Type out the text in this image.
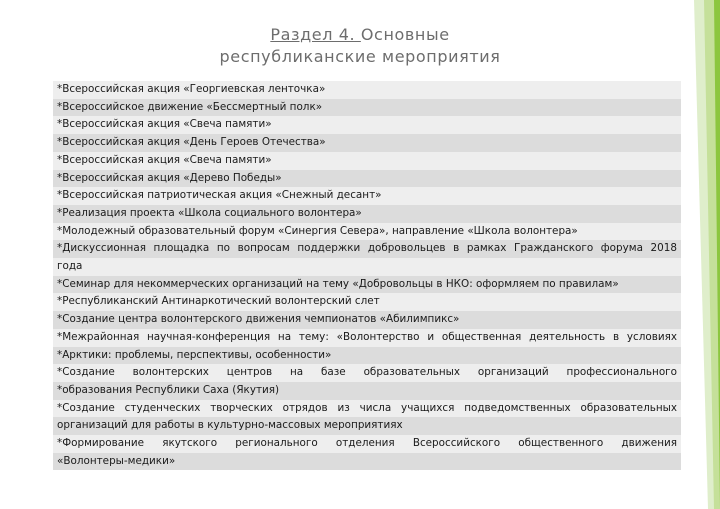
Раздел 4. Основные
республиканские мероприятия
*Всероссийская акция «Георгиевская ленточка»
*Всероссийское движение «Бессмертный полк»
*Всероссийская акция «Свеча памяти»
*Всероссийская акция «День Героев Отечества»
*Всероссийская акция «Свеча памяти»
*Всероссийская акция «Дерево Победы»
*Всероссийская патриотическая акция «Снежный десант»
*Реализация проекта «Школа социального волонтера»
*Молодежный образовательный форум «Синергия Севера», направление «Школа волонтера»
*Дискуссионная площадка по вопросам поддержки добровольцев в рамках Гражданского форума 2018
года
*Семинар для некоммерческих организаций на тему «Добровольцы в НКО: оформляем по правилам»
*Республиканский Антинаркотический волонтерский слет
*Создание центра волонтерского движения чемпионатов «Абилимпикс»
*Межрайонная научная-конференция на тему: «Волонтерство и общественная деятельность в условиях
*Арктики: проблемы, перспективы, особенности»
*Создание волонтерских центров на базе образовательных организаций профессионального
*образования Республики Саха (Якутия)
*Создание студенческих творческих отрядов из числа учащихся подведомственных образовательных
организаций для работы в культурно-массовых мероприятиях
*Формирование якутского регионального отделения Всероссийского общественного движения
«Волонтеры-медики»
